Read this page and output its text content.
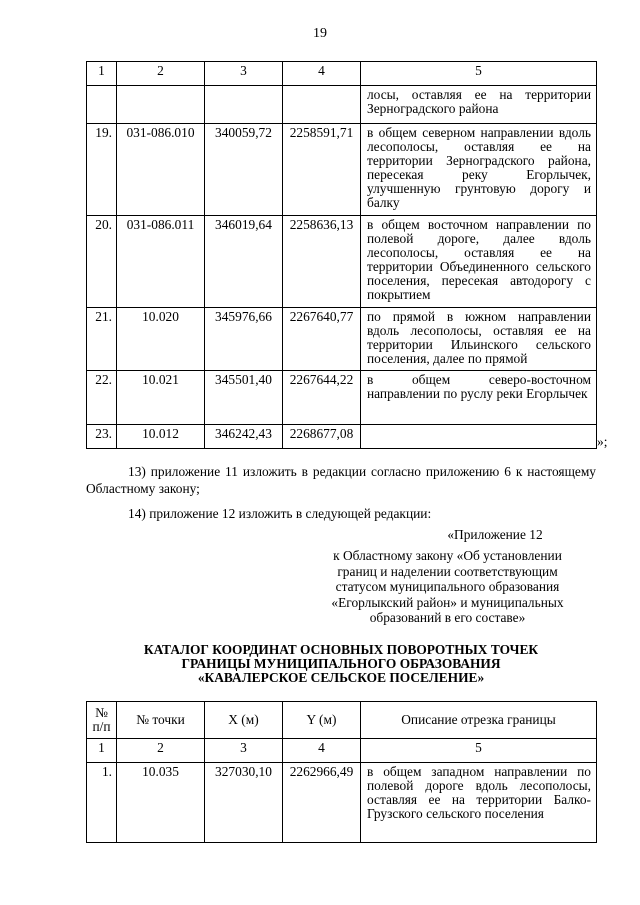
19
1	2	3	4	5
				лосы, оставляя ее на территории Зерноградского района
19.	031-086.010	340059,72	2258591,71	в общем северном направлении вдоль лесополосы, оставляя ее на территории Зерноградского района, пересекая реку Егорлычек, улучшенную грунтовую дорогу и балку
20.	031-086.011	346019,64	2258636,13	в общем восточном направлении по полевой дороге, далее вдоль лесополосы, оставляя ее на территории Объединенного сельского поселения, пересекая автодорогу с покрытием
21.	10.020	345976,66	2267640,77	по прямой в южном направлении вдоль лесополосы, оставляя ее на территории Ильинского сельского поселения, далее по прямой
22.	10.021	345501,40	2267644,22	в общем северо-восточном направлении по руслу реки Егорлычек
23.	10.012	346242,43	2268677,08	
»;
13) приложение 11 изложить в редакции согласно приложению 6 к настоящему Областному закону;
14) приложение 12 изложить в следующей редакции:
«Приложение 12
к Областному закону «Об установлении
границ и наделении соответствующим
статусом муниципального образования
«Егорлыкский район» и муниципальных
образований в его составе»
КАТАЛОГ КООРДИНАТ ОСНОВНЫХ ПОВОРОТНЫХ ТОЧЕК
ГРАНИЦЫ МУНИЦИПАЛЬНОГО ОБРАЗОВАНИЯ
«КАВАЛЕРСКОЕ СЕЛЬСКОЕ ПОСЕЛЕНИЕ»
№ п/п	№ точки	X (м)	Y (м)	Описание отрезка границы
1	2	3	4	5
1.	10.035	327030,10	2262966,49	в общем западном направлении по полевой дороге вдоль лесополосы, оставляя ее на территории Балко-Грузского сельского поселения
